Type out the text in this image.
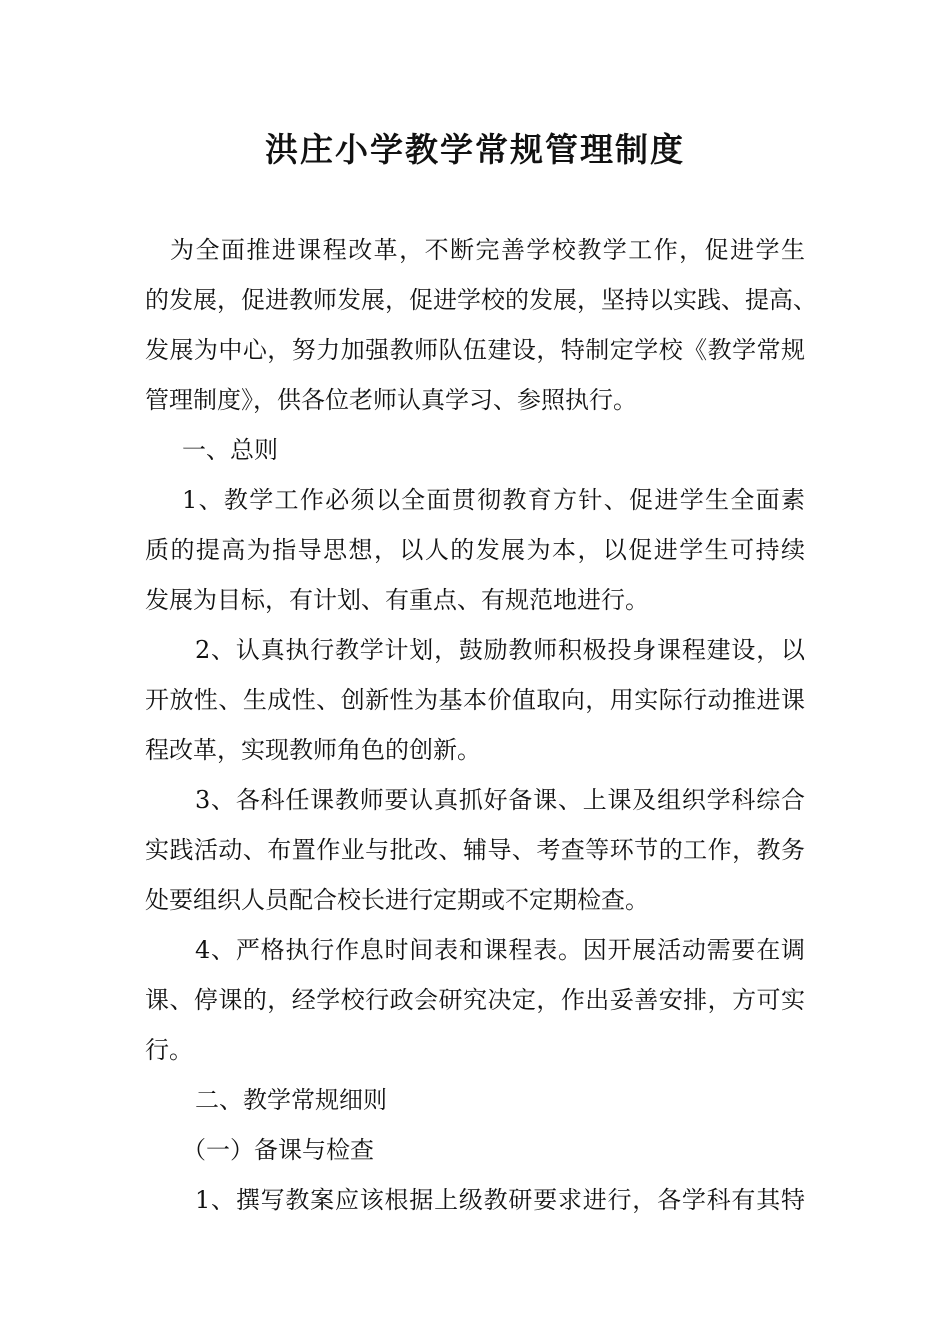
洪庄小学教学常规管理制度
为全面推进课程改革，不断完善学校教学工作，促进学生
的发展，促进教师发展，促进学校的发展，坚持以实践、提高、
发展为中心，努力加强教师队伍建设，特制定学校《教学常规
管理制度》，供各位老师认真学习、参照执行。
一、总则
1、教学工作必须以全面贯彻教育方针、促进学生全面素
质的提高为指导思想，以人的发展为本，以促进学生可持续
发展为目标，有计划、有重点、有规范地进行。
2、认真执行教学计划，鼓励教师积极投身课程建设，以
开放性、生成性、创新性为基本价值取向，用实际行动推进课
程改革，实现教师角色的创新。
3、各科任课教师要认真抓好备课、上课及组织学科综合
实践活动、布置作业与批改、辅导、考查等环节的工作，教务
处要组织人员配合校长进行定期或不定期检查。
4、严格执行作息时间表和课程表。因开展活动需要在调
课、停课的，经学校行政会研究决定，作出妥善安排，方可实
行。
二、教学常规细则
（一）备课与检查
1、撰写教案应该根据上级教研要求进行，各学科有其特
